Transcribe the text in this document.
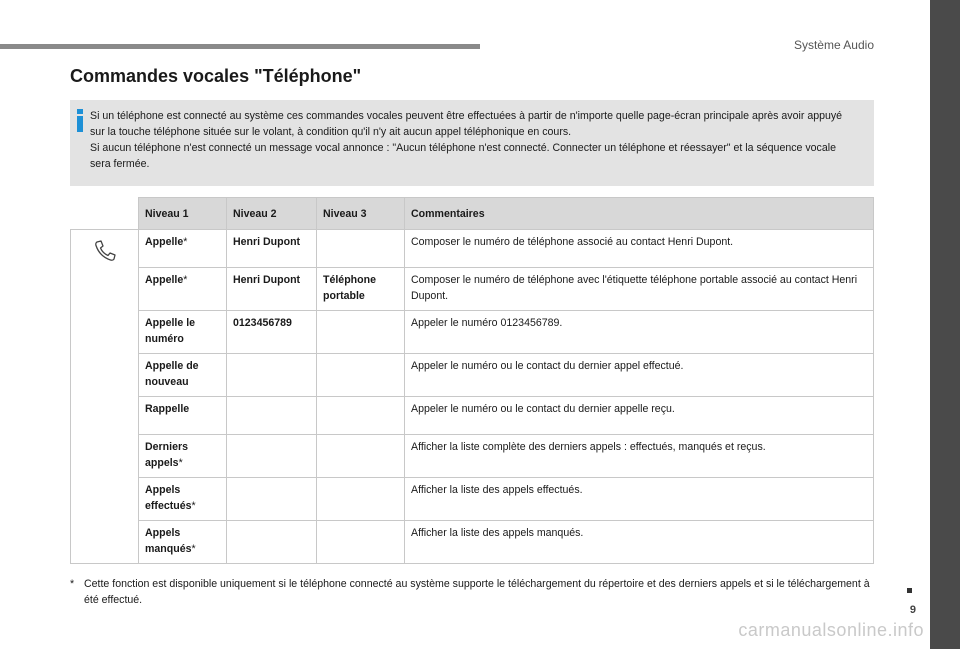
Système Audio
Commandes vocales "Téléphone"

Si un téléphone est connecté au système ces commandes vocales peuvent être effectuées à partir de n'importe quelle page-écran principale après avoir appuyé sur la touche téléphone située sur le volant, à condition qu'il n'y ait aucun appel téléphonique en cours.

Si aucun téléphone n'est connecté un message vocal annonce : "Aucun téléphone n'est connecté. Connecter un téléphone et réessayer" et la séquence vocale sera fermée.

	Niveau 1	Niveau 2	Niveau 3	Commentaires

	Appelle*	Henri Dupont		Composer le numéro de téléphone associé au contact Henri Dupont.
	Appelle*	Henri Dupont	Téléphone portable	Composer le numéro de téléphone avec l'étiquette téléphone portable associé au contact Henri Dupont.
	Appelle le numéro	0123456789		Appeler le numéro 0123456789.
	Appelle de nouveau			Appeler le numéro ou le contact du dernier appel effectué.
	Rappelle			Appeler le numéro ou le contact du dernier appelle reçu.
	Derniers appels*			Afficher la liste complète des derniers appels : effectués, manqués et reçus.
	Appels effectués*			Afficher la liste des appels effectués.
	Appels manqués*			Afficher la liste des appels manqués.
* Cette fonction est disponible uniquement si le téléphone connecté au système supporte le téléchargement du répertoire et des derniers appels et si le téléchargement à été effectué.
9
carmanualsonline.info
